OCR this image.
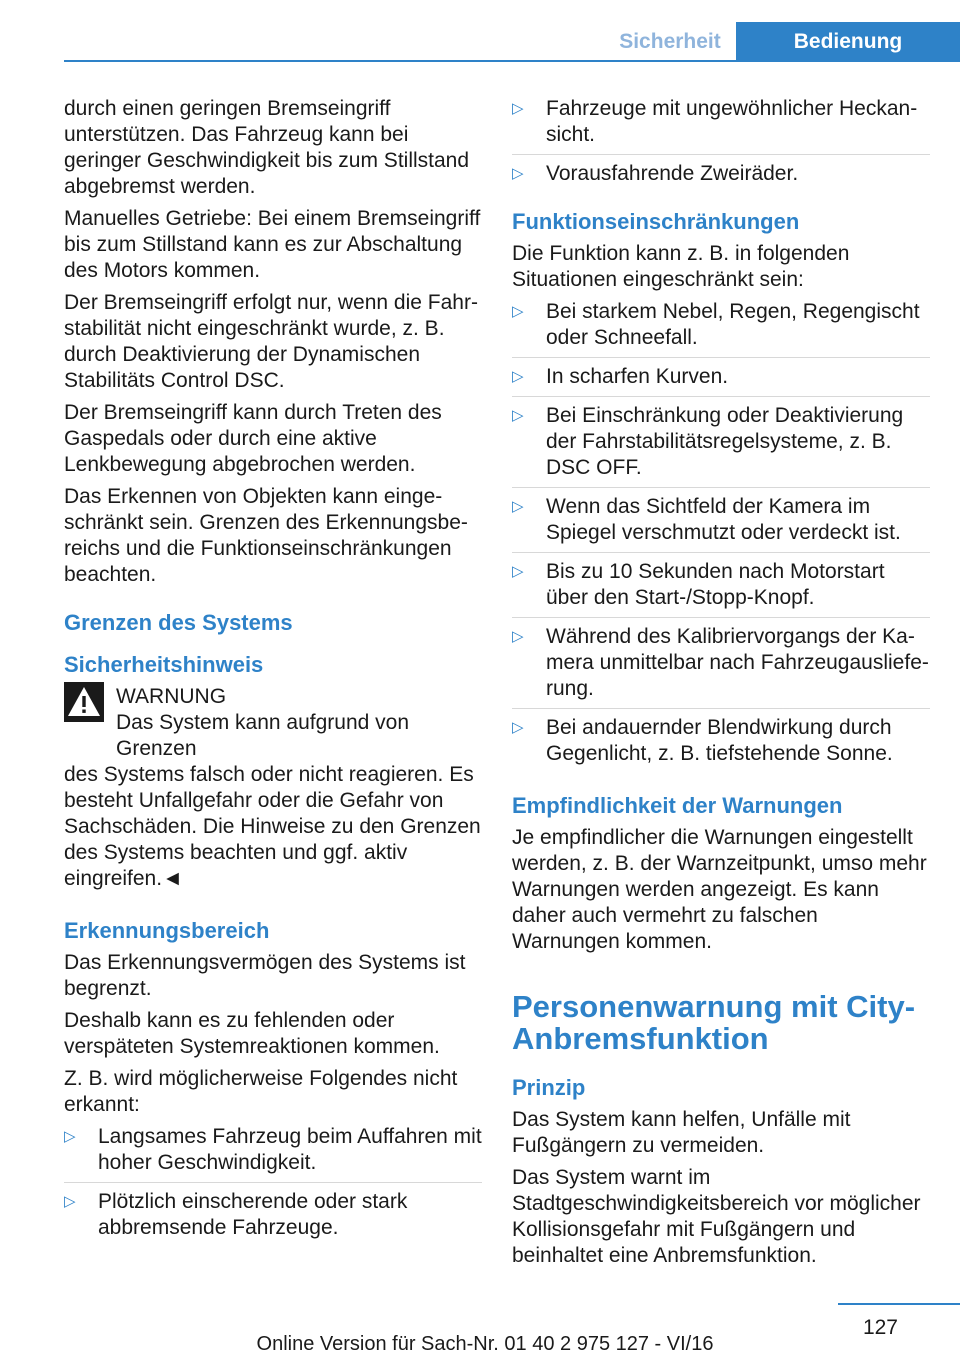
Sicherheit	Bedienung

durch einen geringen Bremseingriff unterstützen. Das Fahrzeug kann bei geringer Geschwindigkeit bis zum Stillstand abgebremst werden.

Manuelles Getriebe: Bei einem Bremseingriff bis zum Stillstand kann es zur Abschaltung des Motors kommen.

Der Bremseingriff erfolgt nur, wenn die Fahrstabilität nicht eingeschränkt wurde, z. B. durch Deaktivierung der Dynamischen Stabilitäts Control DSC.

Der Bremseingriff kann durch Treten des Gaspedals oder durch eine aktive Lenkbewegung abgebrochen werden.

Das Erkennen von Objekten kann eingeschränkt sein. Grenzen des Erkennungsbereichs und die Funktionseinschränkungen beachten.

Grenzen des Systems
Sicherheitshinweis
WARNUNG
Das System kann aufgrund von Grenzen

des Systems falsch oder nicht reagieren. Es besteht Unfallgefahr oder die Gefahr von Sachschäden. Die Hinweise zu den Grenzen des Systems beachten und ggf. aktiv eingreifen.◄

Erkennungsbereich

Das Erkennungsvermögen des Systems ist begrenzt.

Deshalb kann es zu fehlenden oder verspäteten Systemreaktionen kommen.

Z. B. wird möglicherweise Folgendes nicht erkannt:

▷ Langsames Fahrzeug beim Auffahren mit hoher Geschwindigkeit.
▷ Plötzlich einscherende oder stark abbremsende Fahrzeuge.
▷ Fahrzeuge mit ungewöhnlicher Heckansicht.
▷ Vorausfahrende Zweiräder.
Funktionseinschränkungen

Die Funktion kann z. B. in folgenden Situationen eingeschränkt sein:

▷ Bei starkem Nebel, Regen, Regengischt oder Schneefall.
▷ In scharfen Kurven.
▷ Bei Einschränkung oder Deaktivierung der Fahrstabilitätsregelsysteme, z. B. DSC OFF.
▷ Wenn das Sichtfeld der Kamera im Spiegel verschmutzt oder verdeckt ist.
▷ Bis zu 10 Sekunden nach Motorstart über den Start-/Stopp-Knopf.
▷ Während des Kalibriervorgangs der Kamera unmittelbar nach Fahrzeugauslieferung.
▷ Bei andauernder Blendwirkung durch Gegenlicht, z. B. tiefstehende Sonne.
Empfindlichkeit der Warnungen

Je empfindlicher die Warnungen eingestellt werden, z. B. der Warnzeitpunkt, umso mehr Warnungen werden angezeigt. Es kann daher auch vermehrt zu falschen Warnungen kommen.

Personenwarnung mit City-Anbremsfunktion
Prinzip

Das System kann helfen, Unfälle mit Fußgängern zu vermeiden.

Das System warnt im Stadtgeschwindigkeitsbereich vor möglicher Kollisionsgefahr mit Fußgängern und beinhaltet eine Anbremsfunktion.

127
Online Version für Sach-Nr. 01 40 2 975 127 - VI/16
